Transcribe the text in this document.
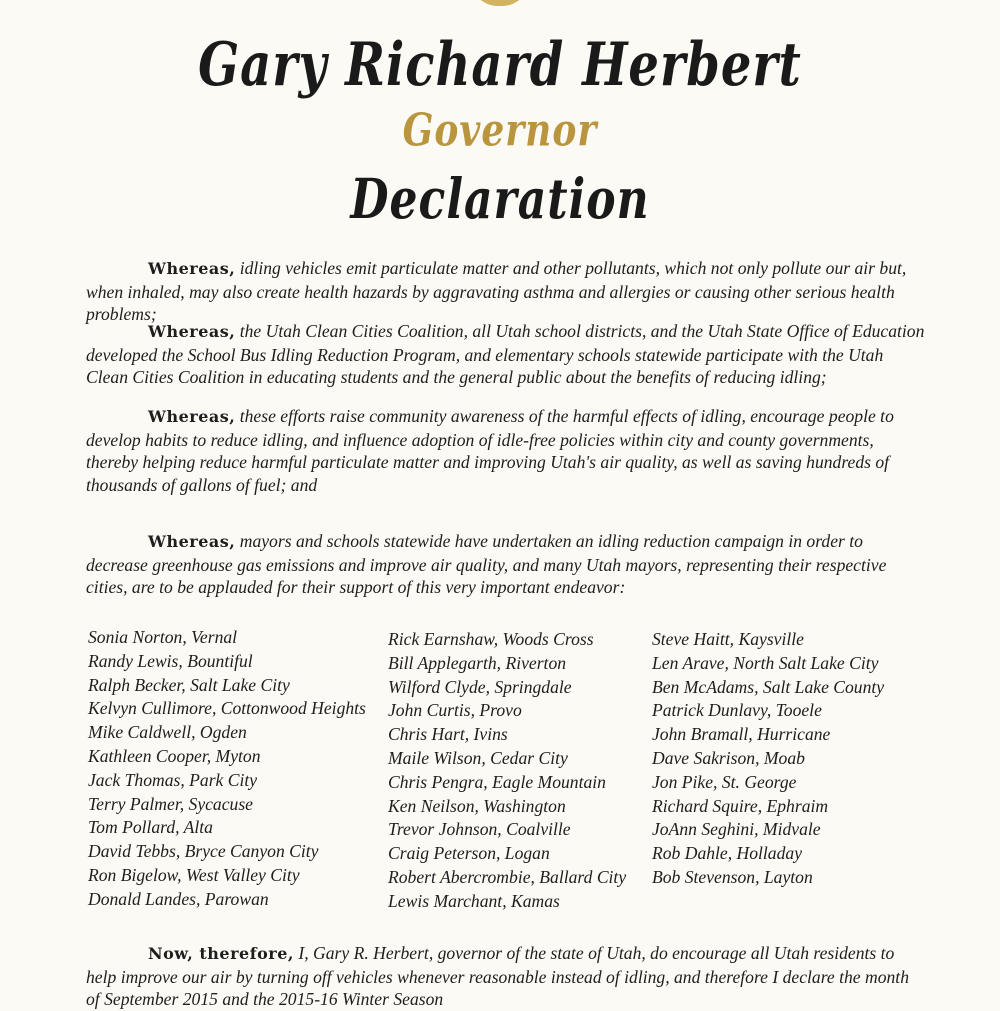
Gary Richard Herbert
Governor
Declaration
Whereas, idling vehicles emit particulate matter and other pollutants, which not only pollute our air but, when inhaled, may also create health hazards by aggravating asthma and allergies or causing other serious health problems;
Whereas, the Utah Clean Cities Coalition, all Utah school districts, and the Utah State Office of Education developed the School Bus Idling Reduction Program, and elementary schools statewide participate with the Utah Clean Cities Coalition in educating students and the general public about the benefits of reducing idling;
Whereas, these efforts raise community awareness of the harmful effects of idling, encourage people to develop habits to reduce idling, and influence adoption of idle-free policies within city and county governments, thereby helping reduce harmful particulate matter and improving Utah's air quality, as well as saving hundreds of thousands of gallons of fuel; and
Whereas, mayors and schools statewide have undertaken an idling reduction campaign in order to decrease greenhouse gas emissions and improve air quality, and many Utah mayors, representing their respective cities, are to be applauded for their support of this very important endeavor:
Sonia Norton, Vernal
Randy Lewis, Bountiful
Ralph Becker, Salt Lake City
Kelvyn Cullimore, Cottonwood Heights
Mike Caldwell, Ogden
Kathleen Cooper, Myton
Jack Thomas, Park City
Terry Palmer, Sycacuse
Tom Pollard, Alta
David Tebbs, Bryce Canyon City
Ron Bigelow, West Valley City
Donald Landes, Parowan
Rick Earnshaw, Woods Cross
Bill Applegarth, Riverton
Wilford Clyde, Springdale
John Curtis, Provo
Chris Hart, Ivins
Maile Wilson, Cedar City
Chris Pengra, Eagle Mountain
Ken Neilson, Washington
Trevor Johnson, Coalville
Craig Peterson, Logan
Robert Abercrombie, Ballard City
Lewis Marchant, Kamas
Steve Haitt, Kaysville
Len Arave, North Salt Lake City
Ben McAdams, Salt Lake County
Patrick Dunlavy, Tooele
John Bramall, Hurricane
Dave Sakrison, Moab
Jon Pike, St. George
Richard Squire, Ephraim
JoAnn Seghini, Midvale
Rob Dahle, Holladay
Bob Stevenson, Layton
Now, therefore, I, Gary R. Herbert, governor of the state of Utah, do encourage all Utah residents to help improve our air by turning off vehicles whenever reasonable instead of idling, and therefore I declare the month of September 2015 and the 2015-16 Winter Season
